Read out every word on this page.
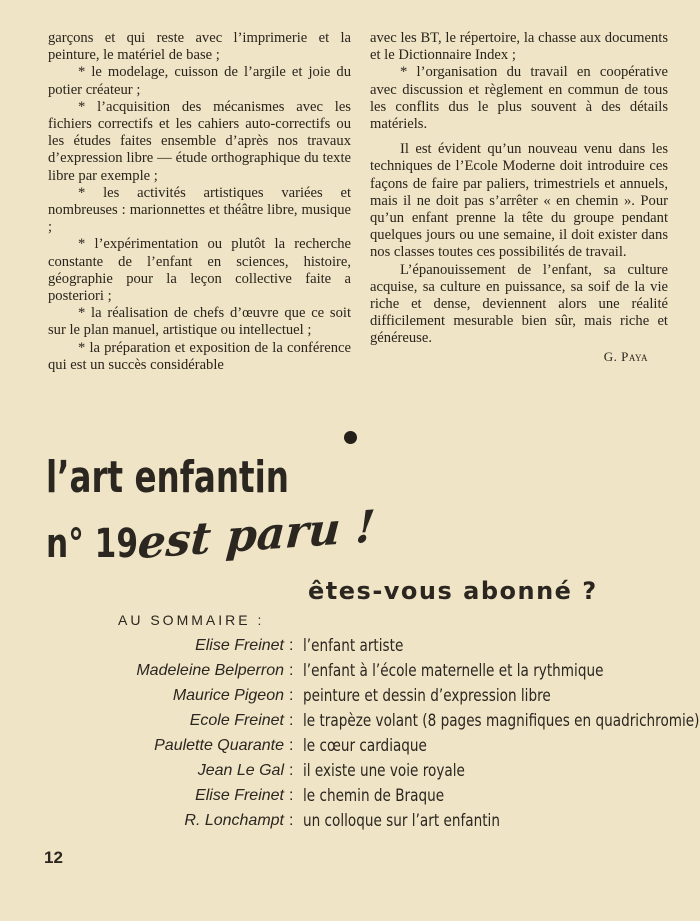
garçons et qui reste avec l’imprimerie et la peinture, le matériel de base ;

* le modelage, cuisson de l’argile et joie du potier créateur ;

* l’acquisition des mécanismes avec les fichiers correctifs et les cahiers auto-correctifs ou les études faites ensemble d’après nos travaux d’expression libre — étude orthographique du texte libre par exemple ;

* les activités artistiques variées et nombreuses : marionnettes et théâtre libre, musique ;

* l’expérimentation ou plutôt la recherche constante de l’enfant en sciences, histoire, géographie pour la leçon collective faite a posteriori ;

* la réalisation de chefs d’œuvre que ce soit sur le plan manuel, artistique ou intellectuel ;

* la préparation et exposition de la conférence qui est un succès considérable

avec les BT, le répertoire, la chasse aux documents et le Dictionnaire Index ;

* l’organisation du travail en coopérative avec discussion et règlement en commun de tous les conflits dus le plus souvent à des détails matériels.

Il est évident qu’un nouveau venu dans les techniques de l’Ecole Moderne doit introduire ces façons de faire par paliers, trimestriels et annuels, mais il ne doit pas s’arrêter « en chemin ». Pour qu’un enfant prenne la tête du groupe pendant quelques jours ou une semaine, il doit exister dans nos classes toutes ces possibilités de travail.

L’épanouissement de l’enfant, sa culture acquise, sa culture en puissance, sa soif de la vie riche et dense, deviennent alors une réalité difficilement mesurable bien sûr, mais riche et généreuse.

G. Paya

l’art enfantin
n° 19
est paru !
êtes-vous abonné ?
AU SOMMAIRE :
Elise Freinet : l’enfant artiste
Madeleine Belperron : l’enfant à l’école maternelle et la rythmique
Maurice Pigeon : peinture et dessin d’expression libre
Ecole Freinet : le trapèze volant (8 pages magnifiques en quadrichromie)
Paulette Quarante : le cœur cardiaque
Jean Le Gal : il existe une voie royale
Elise Freinet : le chemin de Braque
R. Lonchampt : un colloque sur l’art enfantin
12
